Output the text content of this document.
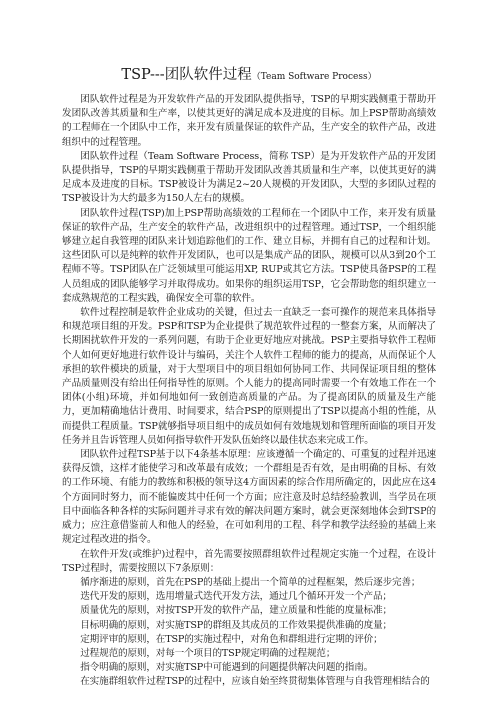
TSP---团队软件过程（Team Software Process）

团队软件过程是为开发软件产品的开发团队提供指导，TSP的早期实践侧重于帮助开发团队改善其质量和生产率，以使其更好的满足成本及进度的目标。加上PSP帮助高绩效的工程师在一个团队中工作，来开发有质量保证的软件产品，生产安全的软件产品，改进组织中的过程管理。

团队软件过程（Team Software Process，简称 TSP）是为开发软件产品的开发团队提供指导，TSP的早期实践侧重于帮助开发团队改善其质量和生产率，以使其更好的满足成本及进度的目标。TSP被设计为满足2~20人规模的开发团队，大型的多团队过程的TSP被设计为大约最多为150人左右的规模。

团队软件过程(TSP)加上PSP帮助高绩效的工程师在一个团队中工作，来开发有质量保证的软件产品，生产安全的软件产品，改进组织中的过程管理。通过TSP，一个组织能够建立起自我管理的团队来计划追踪他们的工作、建立目标，并拥有自己的过程和计划。这些团队可以是纯粹的软件开发团队，也可以是集成产品的团队，规模可以从3到20个工程师不等。TSP团队在广泛领域里可能运用XP, RUP或其它方法。TSP使具备PSP的工程人员组成的团队能够学习并取得成功。如果你的组织运用TSP，它会帮助您的组织建立一套成熟规范的工程实践，确保安全可靠的软件。

软件过程控制是软件企业成功的关键，但过去一直缺乏一套可操作的规范来具体指导和规范项目组的开发。PSP和TSP为企业提供了规范软件过程的一整套方案，从而解决了长期困扰软件开发的一系列问题，有助于企业更好地应对挑战。PSP主要指导软件工程师个人如何更好地进行软件设计与编码，关注个人软件工程师的能力的提高，从而保证个人承担的软件模块的质量，对于大型项目中的项目组如何协同工作、共同保证项目组的整体产品质量则没有给出任何指导性的原则。个人能力的提高同时需要一个有效地工作在一个团体(小组)环境，并如何地如何一致创造高质量的产品。为了提高团队的质量及生产能力，更加精确地估计费用、时间要求，结合PSP的原则提出了TSP以提高小组的性能，从而提供工程质量。TSP就够指导项目组中的成员如何有效地规划和管理所面临的项目开发任务并且告诉管理人员如何指导软件开发队伍始终以最佳状态来完成工作。

团队软件过程TSP基于以下4条基本原理：应该遵循一个确定的、可重复的过程并迅速获得反馈，这样才能使学习和改革最有成效；一个群组是否有效，是由明确的目标、有效的工作环境、有能力的教练和积极的领导这4方面因素的综合作用所确定的，因此应在这4个方面同时努力，而不能偏废其中任何一个方面；应注意及时总结经验教训，当学员在项目中面临各种各样的实际问题并寻求有效的解决问题方案时，就会更深刻地体会到TSP的威力；应注意借鉴前人和他人的经验，在可如利用的工程、科学和教学法经验的基础上来规定过程改进的指令。

在软件开发(或维护)过程中，首先需要按照群组软件过程规定实施一个过程，在设计TSP过程时，需要按照以下7条原则：

循序渐进的原则，首先在PSP的基础上提出一个简单的过程框架，然后逐步完善；

迭代开发的原则，选用增量式迭代开发方法，通过几个循环开发一个产品；

质量优先的原则，对按TSP开发的软件产品，建立质量和性能的度量标准；

目标明确的原则，对实施TSP的群组及其成员的工作效果提供准确的度量；

定期评审的原则，在TSP的实施过程中，对角色和群组进行定期的评价；

过程规范的原则，对每一个项目的TSP规定明确的过程规范；

指令明确的原则，对实施TSP中可能遇到的问题提供解决问题的指南。

在实施群组软件过程TSP的过程中，应该自始至终贯彻集体管理与自我管理相结合的
